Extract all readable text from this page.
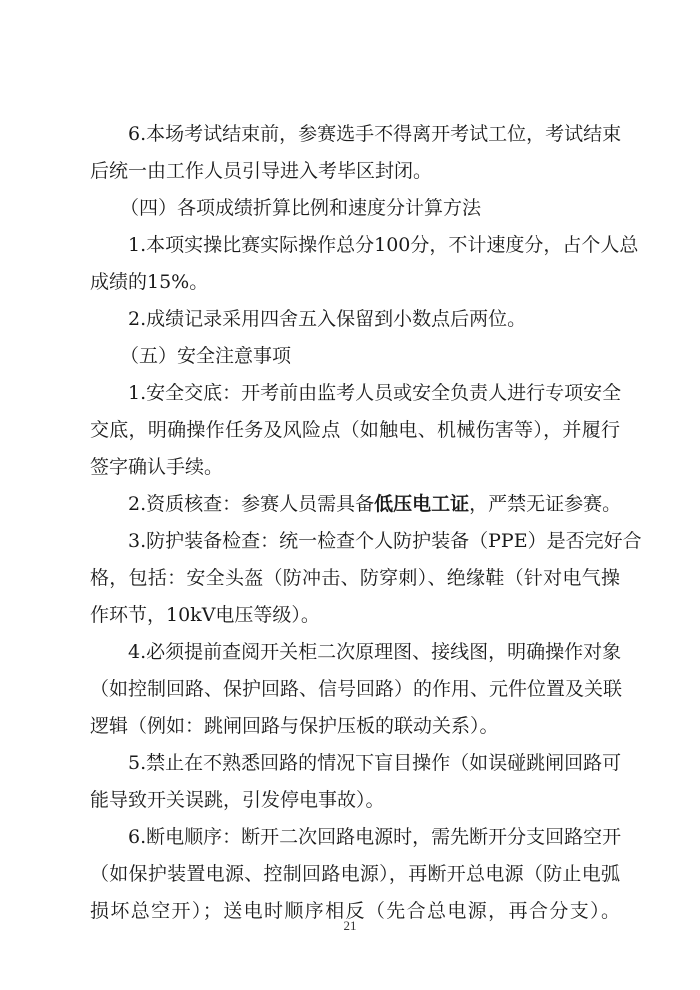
6.本场考试结束前，参赛选手不得离开考试工位，考试结束
后统一由工作人员引导进入考毕区封闭。
（四）各项成绩折算比例和速度分计算方法
1.本项实操比赛实际操作总分100分，不计速度分，占个人总
成绩的15%。
2.成绩记录采用四舍五入保留到小数点后两位。
（五）安全注意事项
1.安全交底：开考前由监考人员或安全负责人进行专项安全
交底，明确操作任务及风险点（如触电、机械伤害等），并履行
签字确认手续。
2.资质核查：参赛人员需具备低压电工证，严禁无证参赛。
3.防护装备检查：统一检查个人防护装备（PPE）是否完好合
格，包括：安全头盔（防冲击、防穿刺）、绝缘鞋（针对电气操
作环节，10kV电压等级）。
4.必须提前查阅开关柜二次原理图、接线图，明确操作对象
（如控制回路、保护回路、信号回路）的作用、元件位置及关联
逻辑（例如：跳闸回路与保护压板的联动关系）。
5.禁止在不熟悉回路的情况下盲目操作（如误碰跳闸回路可
能导致开关误跳，引发停电事故）。
6.断电顺序：断开二次回路电源时，需先断开分支回路空开
（如保护装置电源、控制回路电源），再断开总电源（防止电弧
损坏总空开）；送电时顺序相反（先合总电源，再合分支）。
21
